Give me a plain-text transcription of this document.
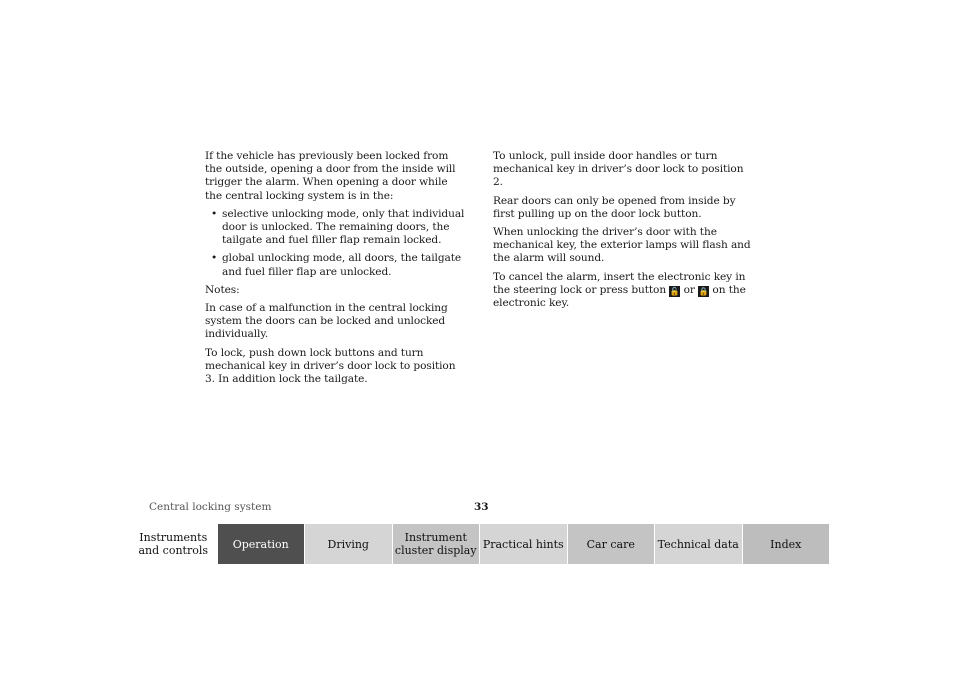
If the vehicle has previously been locked from the outside, opening a door from the inside will trigger the alarm. When opening a door while the central locking system is in the:

• selective unlocking mode, only that individual door is unlocked. The remaining doors, the tailgate and fuel filler flap remain locked.
• global unlocking mode, all doors, the tailgate and fuel filler flap are unlocked.

Notes:

In case of a malfunction in the central locking system the doors can be locked and unlocked individually.

To lock, push down lock buttons and turn mechanical key in driver’s door lock to position 3. In addition lock the tailgate.

To unlock, pull inside door handles or turn mechanical key in driver’s door lock to position 2.

Rear doors can only be opened from inside by first pulling up on the door lock button.

When unlocking the driver’s door with the mechanical key, the exterior lamps will flash and the alarm will sound.

To cancel the alarm, insert the electronic key in the steering lock or press button 🔓 or 🔒 on the electronic key.

Central locking system	33
Instruments and controls	Operation	Driving	Instrument cluster display Practical hints	Car care	Technical data	Index
